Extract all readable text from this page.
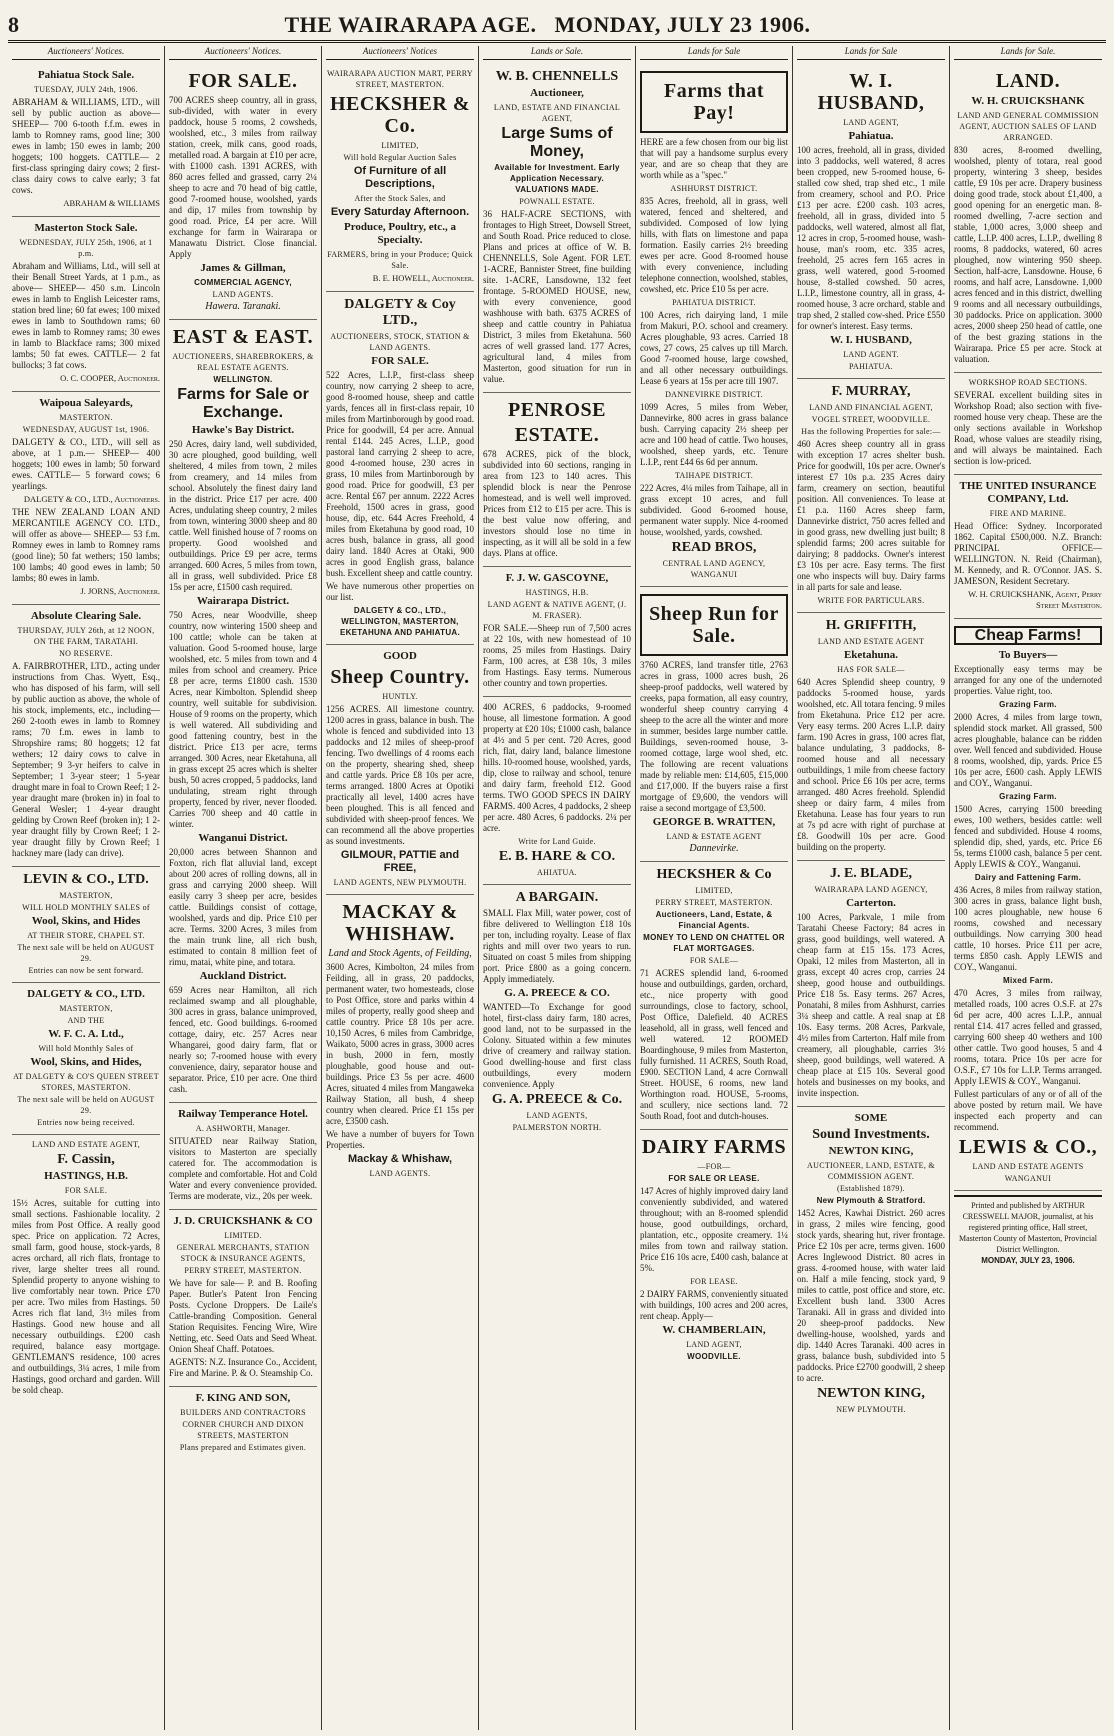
8	THE WAIRARAPA AGE. MONDAY, JULY 23 1906.
Auctioneers' Notices.
Pahiatua Stock Sale.
TUESDAY, JULY 24th, 1906.
ABRAHAM & WILLIAMS, LTD., will sell by public auction as above— SHEEP— 700 6-tooth f.f.m. ewes in lamb to Romney rams, good line; 300 ewes in lamb; 150 ewes in lamb; 200 hoggets; 100 hoggets. CATTLE— 2 first-class springing dairy cows; 2 first-class dairy cows to calve early; 3 fat cows.
ABRAHAM & WILLIAMS
Masterton Stock Sale.
WEDNESDAY, JULY 25th, 1906, at 1 p.m.
Abraham and Williams, Ltd., will sell at their Benall Street Yards, at 1 p.m., as above— SHEEP— 450 s.m. Lincoln ewes in lamb to English Leicester rams, station bred line; 60 fat ewes; 100 mixed ewes in lamb to Southdown rams; 60 ewes in lamb to Romney rams; 30 ewes in lamb to Blackface rams; 300 mixed lambs; 50 fat ewes. CATTLE— 2 fat bullocks; 3 fat cows.
O. C. COOPER, Auctioneer.
Waipoua Saleyards,
MASTERTON.
WEDNESDAY, AUGUST 1st, 1906.
DALGETY & CO., LTD., will sell as above, at 1 p.m.— SHEEP— 400 hoggets; 100 ewes in lamb; 50 forward ewes. CATTLE— 5 forward cows; 6 yearlings.
DALGETY & CO., LTD., Auctioneers.
THE NEW ZEALAND LOAN AND MERCANTILE AGENCY CO. LTD., will offer as above— SHEEP— 53 f.m. Romney ewes in lamb to Romney rams (good line); 50 fat wethers; 150 lambs; 100 lambs; 40 good ewes in lamb; 50 lambs; 80 ewes in lamb.
J. JORNS, Auctioneer.
Absolute Clearing Sale.
THURSDAY, JULY 26th, at 12 NOON, ON THE FARM, TARATAHI.
NO RESERVE.
A. FAIRBROTHER, LTD., acting under instructions from Chas. Wyett, Esq., who has disposed of his farm, will sell by public auction as above, the whole of his stock, implements, etc., including— 260 2-tooth ewes in lamb to Romney rams; 70 f.m. ewes in lamb to Shropshire rams; 80 hoggets; 12 fat wethers; 12 dairy cows to calve in September; 9 3-yr heifers to calve in September; 1 3-year steer; 1 5-year draught mare in foal to Crown Reef; 1 2-year draught mare (broken in) in foal to General Wesler; 1 4-year draught gelding by Crown Reef (broken in); 1 2-year draught filly by Crown Reef; 1 2-year draught filly by Crown Reef; 1 hackney mare (lady can drive).
LEVIN & CO., LTD.
MASTERTON,
WILL HOLD MONTHLY SALES of
Wool, Skins, and Hides
AT THEIR STORE, CHAPEL ST.
The next sale will be held on AUGUST 29.
Entries can now be sent forward.
DALGETY & CO., LTD.
MASTERTON,
AND THE
W. F. C. A. Ltd.,
Will hold Monthly Sales of
Wool, Skins, and Hides,
AT DALGETY & CO'S QUEEN STREET STORES, MASTERTON.
The next sale will be held on AUGUST 29.
Entries now being received.
LAND AND ESTATE AGENT,
F. Cassin,
HASTINGS, H.B.
FOR SALE.
15½ Acres, suitable for cutting into small sections. Fashionable locality. 2 miles from Post Office. A really good spec. Price on application. 72 Acres, small farm, good house, stock-yards, 8 acres orchard, all rich flats, frontage to river, large shelter trees all round. Splendid property to anyone wishing to live comfortably near town. Price £70 per acre. Two miles from Hastings. 50 Acres rich flat land, 3½ miles from Hastings. Good new house and all necessary outbuildings. £200 cash required, balance easy mortgage. GENTLEMAN'S residence, 100 acres and outbuildings, 3¼ acres, 1 mile from Hastings, good orchard and garden. Will be sold cheap.
Auctioneers' Notices.
FOR SALE.
700 ACRES sheep country, all in grass, sub-divided, with water in every paddock, house 5 rooms, 2 cowsheds, woolshed, etc., 3 miles from railway station, creek, milk cans, good roads, metalled road. A bargain at £10 per acre, with £1000 cash. 1391 ACRES, with 860 acres felled and grassed, carry 2¼ sheep to acre and 70 head of big cattle, good 7-roomed house, woolshed, yards and dip, 17 miles from township by good road. Price, £4 per acre. Will exchange for farm in Wairarapa or Manawatu District. Close financial. Apply
James & Gillman,
COMMERCIAL AGENCY,
LAND AGENTS.
Hawera. Taranaki.
EAST & EAST.
AUCTIONEERS, SHAREBROKERS, & REAL ESTATE AGENTS.
WELLINGTON.
Farms for Sale or Exchange.
Hawke's Bay District.
250 Acres, dairy land, well subdivided, 30 acre ploughed, good building, well sheltered, 4 miles from town, 2 miles from creamery, and 14 miles from school. Absolutely the finest dairy land in the district. Price £17 per acre. 400 Acres, undulating sheep country, 2 miles from town, wintering 3000 sheep and 80 cattle. Well finished house of 7 rooms on property. Good woolshed and outbuildings. Price £9 per acre, terms arranged. 600 Acres, 5 miles from town, all in grass, well subdivided. Price £8 15s per acre, £1500 cash required.
Wairarapa District.
750 Acres, near Woodville, sheep country, now wintering 1500 sheep and 100 cattle; whole can be taken at valuation. Good 5-roomed house, large woolshed, etc. 5 miles from town and 4 miles from school and creamery. Price £8 per acre, terms £1800 cash. 1530 Acres, near Kimbolton. Splendid sheep country, well suitable for subdivision. House of 9 rooms on the property, which is well watered. All subdividing and good fattening country, best in the district. Price £13 per acre, terms arranged. 300 Acres, near Eketahuna, all in grass except 25 acres which is shelter bush, 50 acres cropped, 5 paddocks, land undulating, stream right through property, fenced by river, never flooded. Carries 700 sheep and 40 cattle in winter.
Wanganui District.
20,000 acres between Shannon and Foxton, rich flat alluvial land, except about 200 acres of rolling downs, all in grass and carrying 2000 sheep. Will easily carry 3 sheep per acre, besides cattle. Buildings consist of cottage, woolshed, yards and dip. Price £10 per acre. Terms. 3200 Acres, 3 miles from the main trunk line, all rich bush, estimated to contain 8 million feet of rimu, matai, white pine, and totara.
Auckland District.
659 Acres near Hamilton, all rich reclaimed swamp and all ploughable, 300 acres in grass, balance unimproved, fenced, etc. Good buildings. 6-roomed cottage, dairy, etc. 257 Acres near Whangarei, good dairy farm, flat or nearly so; 7-roomed house with every convenience, dairy, separator house and separator. Price, £10 per acre. One third cash.
Railway Temperance Hotel.
A. ASHWORTH, Manager.
SITUATED near Railway Station, visitors to Masterton are specially catered for. The accommodation is complete and comfortable. Hot and Cold Water and every convenience provided. Terms are moderate, viz., 20s per week.
J. D. CRUICKSHANK & CO
LIMITED.
GENERAL MERCHANTS, STATION STOCK & INSURANCE AGENTS,
PERRY STREET, MASTERTON.
We have for sale— P. and B. Roofing Paper. Butler's Patent Iron Fencing Posts. Cyclone Droppers. De Laile's Cattle-branding Composition. General Station Requisites. Fencing Wire, Wire Netting, etc. Seed Oats and Seed Wheat. Onion Sheaf Chaff. Potatoes.
AGENTS: N.Z. Insurance Co., Accident, Fire and Marine. P. & O. Steamship Co.
F. KING AND SON,
BUILDERS AND CONTRACTORS
CORNER CHURCH AND DIXON STREETS, MASTERTON
Plans prepared and Estimates given.
Auctioneers' Notices
WAIRARAPA AUCTION MART, PERRY STREET, MASTERTON.
HECKSHER & Co.
LIMITED,
Will hold Regular Auction Sales
Of Furniture of all Descriptions,
After the Stock Sales, and
Every Saturday Afternoon.
Produce, Poultry, etc., a Specialty.
FARMERS, bring in your Produce; Quick Sale.
B. E. HOWELL, Auctioneer.
DALGETY & Coy LTD.,
AUCTIONEERS, STOCK, STATION & LAND AGENTS.
FOR SALE.
522 Acres, L.I.P., first-class sheep country, now carrying 2 sheep to acre, good 8-roomed house, sheep and cattle yards, fences all in first-class repair, 10 miles from Martinborough by good road. Price for goodwill, £4 per acre. Annual rental £144. 245 Acres, L.I.P., good pastoral land carrying 2 sheep to acre, good 4-roomed house, 230 acres in grass, 10 miles from Martinborough by good road. Price for goodwill, £3 per acre. Rental £67 per annum. 2222 Acres Freehold, 1500 acres in grass, good house, dip, etc. 644 Acres Freehold, 4 miles from Eketahuna by good road, 10 acres bush, balance in grass, all good dairy land. 1840 Acres at Otaki, 900 acres in good English grass, balance bush. Excellent sheep and cattle country.
We have numerous other properties on our list.
DALGETY & CO., LTD., WELLINGTON, MASTERTON, EKETAHUNA AND PAHIATUA.
GOOD
Sheep Country.
HUNTLY.
1256 ACRES. All limestone country. 1200 acres in grass, balance in bush. The whole is fenced and subdivided into 13 paddocks and 12 miles of sheep-proof fencing. Two dwellings of 4 rooms each on the property, shearing shed, sheep and cattle yards. Price £8 10s per acre, terms arranged. 1800 Acres at Opotiki practically all level, 1400 acres have been ploughed. This is all fenced and subdivided with sheep-proof fences. We can recommend all the above properties as sound investments.
GILMOUR, PATTIE and FREE,
LAND AGENTS, NEW PLYMOUTH.
MACKAY & WHISHAW.
Land and Stock Agents, of Feilding,
3600 Acres, Kimbolton, 24 miles from Feilding, all in grass, 20 paddocks, permanent water, two homesteads, close to Post Office, store and parks within 4 miles of property, really good sheep and cattle country. Price £8 10s per acre. 10,150 Acres, 6 miles from Cambridge, Waikato, 5000 acres in grass, 3000 acres in bush, 2000 in fern, mostly ploughable, good house and out-buildings. Price £3 5s per acre. 4600 Acres, situated 4 miles from Mangaweka Railway Station, all bush, 4 sheep country when cleared. Price £1 15s per acre, £3500 cash.
We have a number of buyers for Town Properties.
Mackay & Whishaw,
LAND AGENTS.
Lands or Sale.
W. B. CHENNELLS
Auctioneer,
LAND, ESTATE AND FINANCIAL AGENT,
Large Sums of Money,
Available for Investment. Early Application Necessary. VALUATIONS MADE.
POWNALL ESTATE.
36 HALF-ACRE SECTIONS, with frontages to High Street, Dowsell Street, and South Road. Price reduced to close. Plans and prices at office of W. B. CHENNELLS, Sole Agent. FOR LET. 1-ACRE, Bannister Street, fine building site. 1-ACRE, Lansdowne, 132 feet frontage. 5-ROOMED HOUSE, new, with every convenience, good washhouse with bath. 6375 ACRES of sheep and cattle country in Pahiatua District, 3 miles from Eketahuna. 560 acres of well grassed land. 177 Acres, agricultural land, 4 miles from Masterton, good situation for run in value.
PENROSE
ESTATE.
678 ACRES, pick of the block, subdivided into 60 sections, ranging in area from 123 to 140 acres. This splendid block is near the Penrose homestead, and is well well improved. Prices from £12 to £15 per acre. This is the best value now offering, and investors should lose no time in inspecting, as it will all be sold in a few days. Plans at office.
F. J. W. GASCOYNE,
HASTINGS, H.B.
LAND AGENT & NATIVE AGENT, (J. M. FRASER).
FOR SALE.—Sheep run of 7,500 acres at 22 10s, with new homestead of 10 rooms, 25 miles from Hastings. Dairy Farm, 100 acres, at £38 10s, 3 miles from Hastings. Easy terms. Numerous other country and town properties.
400 ACRES, 6 paddocks, 9-roomed house, all limestone formation. A good property at £20 10s; £1000 cash, balance at 4½ and 5 per cent. 720 Acres, good rich, flat, dairy land, balance limestone hills. 10-roomed house, woolshed, yards, dip, close to railway and school, tenure and dairy farm, freehold £12. Good terms. TWO GOOD SPECS IN DAIRY FARMS. 400 Acres, 4 paddocks, 2 sheep per acre. 480 Acres, 6 paddocks. 2¼ per acre.
Write for Land Guide.
E. B. HARE & CO.
AHIATUA.
A BARGAIN.
SMALL Flax Mill, water power, cost of fibre delivered to Wellington £18 10s per ton, including royalty. Lease of flax rights and mill over two years to run. Situated on coast 5 miles from shipping port. Price £800 as a going concern. Apply immediately.
G. A. PREECE & CO.
WANTED—To Exchange for good hotel, first-class dairy farm, 180 acres, good land, not to be surpassed in the Colony. Situated within a few minutes drive of creamery and railway station. Good dwelling-house and first class outbuildings, every modern convenience. Apply
G. A. PREECE & Co.
LAND AGENTS,
PALMERSTON NORTH.
Lands for Sale
Farms that Pay!
HERE are a few chosen from our big list that will pay a handsome surplus every year, and are so cheap that they are worth while as a "spec."
ASHHURST DISTRICT.
835 Acres, freehold, all in grass, well watered, fenced and sheltered, and subdivided. Composed of low lying hills, with flats on limestone and papa formation. Easily carries 2½ breeding ewes per acre. Good 8-roomed house with every convenience, including telephone connection, woolshed, stables, cowshed, etc. Price £10 5s per acre.
PAHIATUA DISTRICT.
100 Acres, rich dairying land, 1 mile from Makuri, P.O. school and creamery. Acres ploughable, 93 acres. Carried 18 cows, 27 cows, 25 calves up till March. Good 7-roomed house, large cowshed, and all other necessary outbuildings. Lease 6 years at 15s per acre till 1907.
DANNEVIRKE DISTRICT.
1099 Acres, 5 miles from Weber, Dannevirke, 800 acres in grass balance bush. Carrying capacity 2½ sheep per acre and 100 head of cattle. Two houses, woolshed, sheep yards, etc. Tenure L.I.P., rent £44 6s 6d per annum.
TAIHAPE DISTRICT.
222 Acres, 4¼ miles from Taihape, all in grass except 10 acres, and full subdivided. Good 6-roomed house, permanent water supply. Nice 4-roomed house, woolshed, yards, cowshed.
READ BROS,
CENTRAL LAND AGENCY, WANGANUI
Sheep Run for Sale.
3760 ACRES, land transfer title, 2763 acres in grass, 1000 acres bush, 26 sheep-proof paddocks, well watered by creeks, papa formation, all easy country, wonderful sheep country carrying 4 sheep to the acre all the winter and more in summer, besides large number cattle. Buildings, seven-roomed house, 3-roomed cottage, large wool shed, etc. The following are recent valuations made by reliable men: £14,605, £15,000 and £17,000. If the buyers raise a first mortgage of £9,600, the vendors will raise a second mortgage of £3,500.
GEORGE B. WRATTEN,
LAND & ESTATE AGENT
Dannevirke.
HECKSHER & Co
LIMITED,
PERRY STREET, MASTERTON.
Auctioneers, Land, Estate, & Financial Agents.
MONEY TO LEND ON CHATTEL OR FLAT MORTGAGES.
FOR SALE—
71 ACRES splendid land, 6-roomed house and outbuildings, garden, orchard, etc., nice property with good surroundings, close to factory, school, Post Office, Dalefield. 40 ACRES leasehold, all in grass, well fenced and well watered. 12 ROOMED Boardinghouse, 9 miles from Masterton, fully furnished. 11 ACRES, South Road, £900. SECTION Land, 4 acre Cornwall Street. HOUSE, 6 rooms, new land Worthington road. HOUSE, 5-rooms, and scullery, nice sections land. 72 South Road, foot and dutch-houses.
DAIRY FARMS
—FOR—
FOR SALE OR LEASE.
147 Acres of highly improved dairy land conveniently subdivided, and watered throughout; with an 8-roomed splendid house, good outbuildings, orchard, plantation, etc., opposite creamery. 1¼ miles from town and railway station. Price £16 10s acre, £400 cash, balance at 5%.
FOR LEASE.
2 DAIRY FARMS, conveniently situated with buildings, 100 acres and 200 acres, rent cheap. Apply—
W. CHAMBERLAIN,
LAND AGENT,
WOODVILLE.
Lands for Sale
W. I. HUSBAND,
LAND AGENT,
Pahiatua.
100 acres, freehold, all in grass, divided into 3 paddocks, well watered, 8 acres been cropped, new 5-roomed house, 6-stalled cow shed, trap shed etc., 1 mile from creamery, school and P.O. Price £13 per acre. £200 cash. 103 acres, freehold, all in grass, divided into 5 paddocks, well watered, almost all flat, 12 acres in crop, 5-roomed house, wash-house, man's room, etc. 335 acres, freehold, 25 acres fern 165 acres in grass, well watered, good 5-roomed house, 8-stalled cowshed. 50 acres, L.I.P., limestone country, all in grass, 4-roomed house, 3 acre orchard, stable and trap shed, 2 stalled cow-shed. Price £550 for owner's interest. Easy terms.
W. I. HUSBAND,
LAND AGENT.
PAHIATUA.
F. MURRAY,
LAND AND FINANCIAL AGENT,
VOGEL STREET, WOODVILLE.
Has the following Properties for sale:—
460 Acres sheep country all in grass with exception 17 acres shelter bush. Price for goodwill, 10s per acre. Owner's interest £7 10s p.a. 235 Acres dairy farm, creamery on section, beautiful position. All conveniences. To lease at £1 p.a. 1160 Acres sheep farm, Dannevirke district, 750 acres felled and in good grass, new dwelling just built; 8 splendid farms; 200 acres suitable for dairying; 8 paddocks. Owner's interest £3 10s per acre. Easy terms. The first one who inspects will buy. Dairy farms in all parts for sale and lease.
WRITE FOR PARTICULARS.
H. GRIFFITH,
LAND AND ESTATE AGENT
Eketahuna.
HAS FOR SALE—
640 Acres Splendid sheep country, 9 paddocks 5-roomed house, yards woolshed, etc. All totara fencing. 9 miles from Eketahuna. Price £12 per acre. Very easy terms. 200 Acres L.I.P. dairy farm. 190 Acres in grass, 100 acres flat, balance undulating, 3 paddocks, 8-roomed house and all necessary outbuildings, 1 mile from cheese factory and school. Price £6 10s per acre, terms arranged. 480 Acres freehold. Splendid sheep or dairy farm, 4 miles from Eketahuna. Lease has four years to run at 7s pd acre with right of purchase at £8. Goodwill 10s per acre. Good building on the property.
J. E. BLADE,
WAIRARAPA LAND AGENCY,
Carterton.
100 Acres, Parkvale, 1 mile from Taratahi Cheese Factory; 84 acres in grass, good buildings, well watered. A cheap farm at £15 15s. 173 Acres, Opaki, 12 miles from Masterton, all in grass, except 40 acres crop, carries 24 sheep, good house and outbuildings. Price £18 5s. Easy terms. 267 Acres, Ponatahi, 8 miles from Ashhurst, carries 3¼ sheep and cattle. A real snap at £8 10s. Easy terms. 208 Acres, Parkvale, 4½ miles from Carterton. Half mile from creamery, all ploughable, carries 3½ sheep, good buildings, well watered. A cheap place at £15 10s. Several good hotels and businesses on my books, and invite inspection.
SOME
Sound Investments.
NEWTON KING,
AUCTIONEER, LAND, ESTATE, & COMMISSION AGENT.
(Established 1879).
New Plymouth & Stratford.
1452 Acres, Kawhai District. 260 acres in grass, 2 miles wire fencing, good stock yards, shearing hut, river frontage. Price £2 10s per acre, terms given. 1600 Acres Inglewood District. 80 acres in grass. 4-roomed house, with water laid on. Half a mile fencing, stock yard, 9 miles to cattle, post office and store, etc. Excellent bush land. 3300 Acres Taranaki. All in grass and divided into 20 sheep-proof paddocks. New dwelling-house, woolshed, yards and dip. 1440 Acres Taranaki. 400 acres in grass, balance bush, subdivided into 5 paddocks. Price £2700 goodwill, 2 sheep to acre.
NEWTON KING,
NEW PLYMOUTH.
Lands for Sale.
LAND.
W. H. CRUICKSHANK
LAND AND GENERAL COMMISSION AGENT, AUCTION SALES OF LAND ARRANGED.
830 acres, 8-roomed dwelling, woolshed, plenty of totara, real good property, wintering 3 sheep, besides cattle, £9 10s per acre. Drapery business doing good trade, stock about £1,400, a good opening for an energetic man. 8-roomed dwelling, 7-acre section and stable, 1,000 acres, 3,000 sheep and cattle, L.I.P. 400 acres, L.I.P., dwelling 8 rooms, 8 paddocks, watered, 60 acres ploughed, now wintering 950 sheep. Section, half-acre, Lansdowne. House, 6 rooms, and half acre, Lansdowne. 1,000 acres fenced and in this district, dwelling 9 rooms and all necessary outbuildings, 30 paddocks. Price on application. 3000 acres, 2000 sheep 250 head of cattle, one of the best grazing stations in the Wairarapa. Price £5 per acre. Stock at valuation.
WORKSHOP ROAD SECTIONS.
SEVERAL excellent building sites in Workshop Road; also section with five-roomed house very cheap. These are the only sections available in Workshop Road, whose values are steadily rising, and will always be maintained. Each section is low-priced.
THE UNITED INSURANCE COMPANY, Ltd.
FIRE AND MARINE.
Head Office: Sydney. Incorporated 1862. Capital £500,000. N.Z. Branch: PRINCIPAL OFFICE—WELLINGTON. N. Reid (Chairman), M. Kennedy, and R. O'Connor. JAS. S. JAMESON, Resident Secretary.
W. H. CRUICKSHANK, Agent, Perry Street Masterton.
Cheap Farms!
To Buyers—
Exceptionally easy terms may be arranged for any one of the undernoted properties. Value right, too.
Grazing Farm.
2000 Acres, 4 miles from large town, splendid stock market. All grassed, 500 acres ploughable, balance can be ridden over. Well fenced and subdivided. House 8 rooms, woolshed, dip, yards. Price £5 10s per acre, £600 cash. Apply LEWIS and COY., Wanganui.
Grazing Farm.
1500 Acres, carrying 1500 breeding ewes, 100 wethers, besides cattle: well fenced and subdivided. House 4 rooms, splendid dip, shed, yards, etc. Price £6 5s, terms £1000 cash, balance 5 per cent. Apply LEWIS & COY., Wanganui.
Dairy and Fattening Farm.
436 Acres, 8 miles from railway station, 300 acres in grass, balance light bush, 100 acres ploughable, new house 6 rooms, cowshed and necessary outbuildings. Now carrying 300 head cattle, 10 horses. Price £11 per acre, terms £850 cash. Apply LEWIS and COY., Wanganui.
Mixed Farm.
470 Acres, 3 miles from railway, metalled roads, 100 acres O.S.F. at 27s 6d per acre, 400 acres L.I.P., annual rental £14. 417 acres felled and grassed, carrying 600 sheep 40 wethers and 100 other cattle. Two good houses, 5 and 4 rooms, totara. Price 10s per acre for O.S.F., £7 10s for L.I.P. Terms arranged. Apply LEWIS & COY., Wanganui.
Fullest particulars of any or of all of the above posted by return mail. We have inspected each property and can recommend.
LEWIS & CO.,
LAND AND ESTATE AGENTS
WANGANUI
Printed and published by ARTHUR CRESSWELL MAJOR, journalist, at his registered printing office, Hall street, Masterton County of Masterton, Provincial District Wellington.
MONDAY, JULY 23, 1906.
